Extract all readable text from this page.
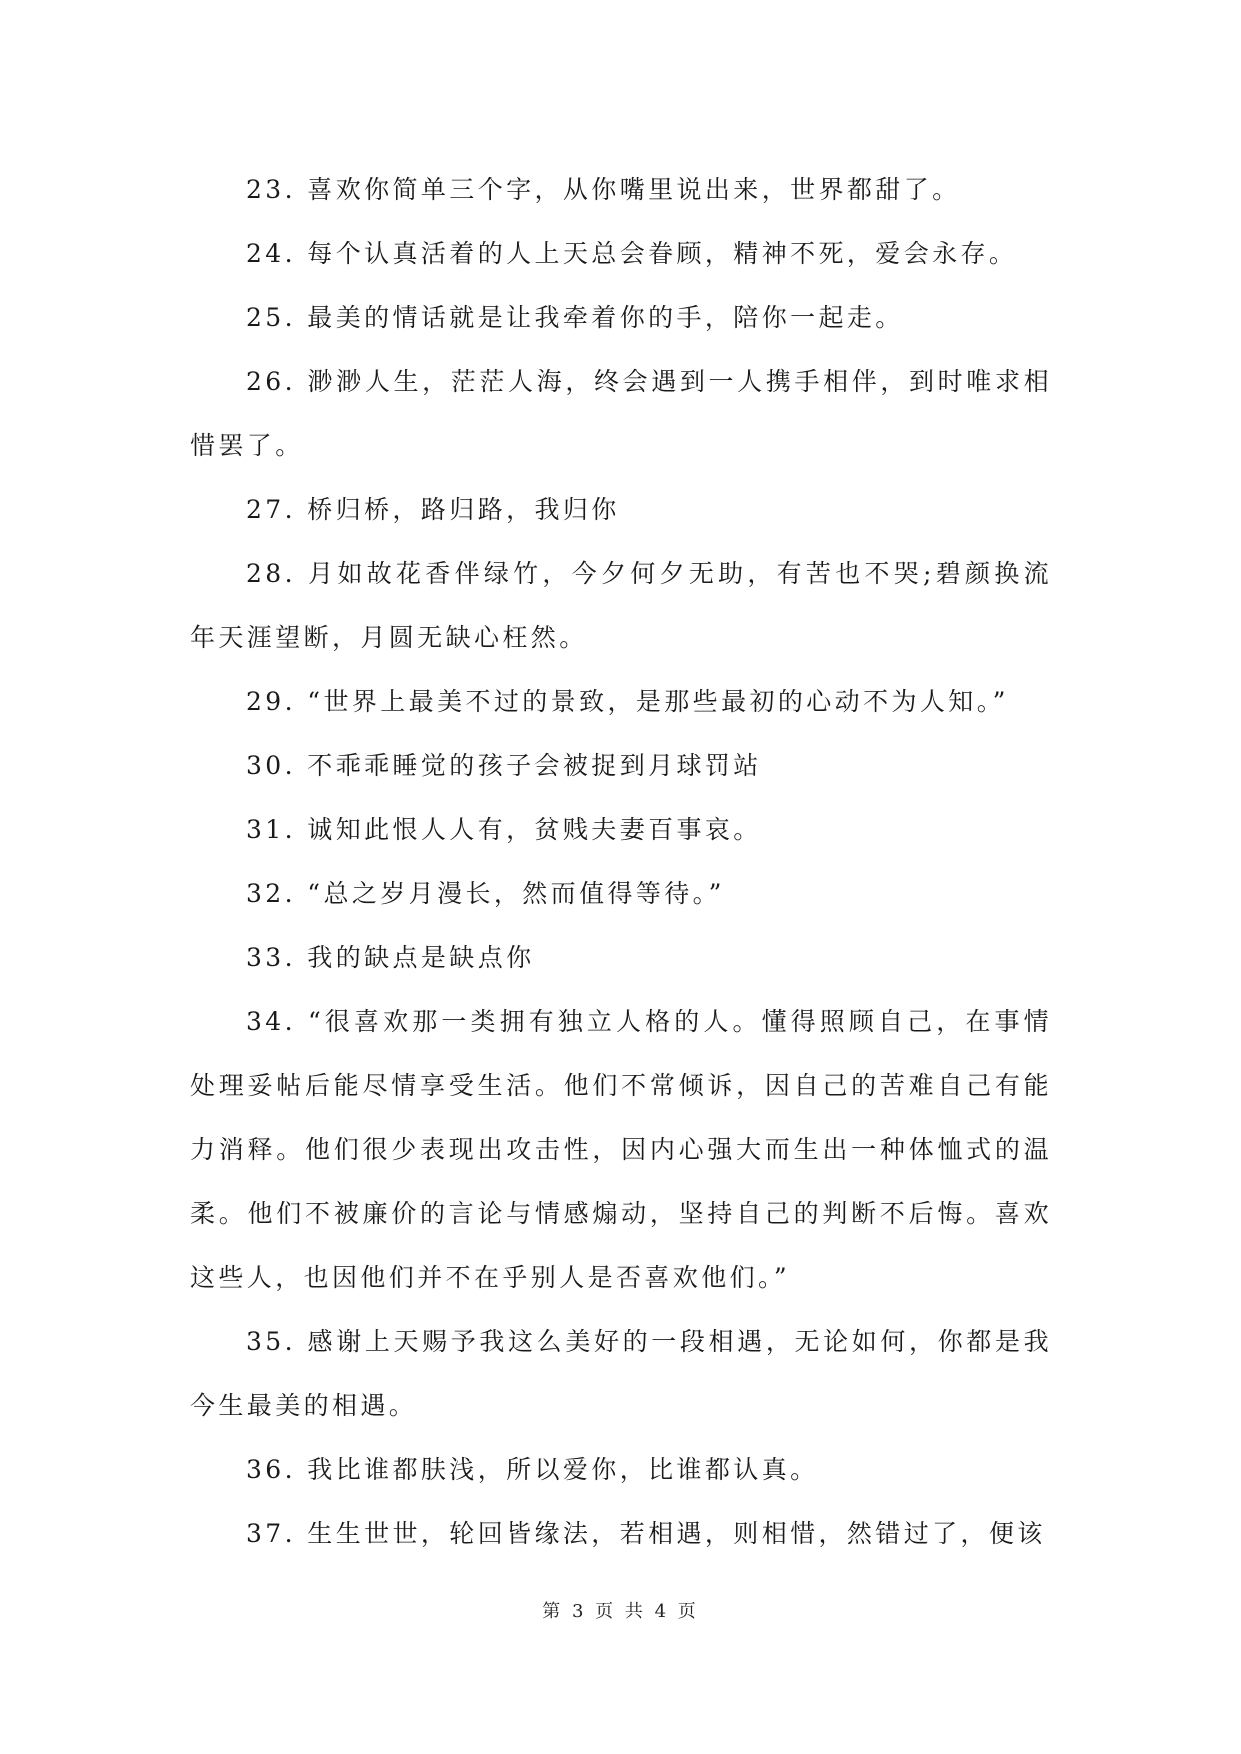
23. 喜欢你简单三个字，从你嘴里说出来，世界都甜了。

24. 每个认真活着的人上天总会眷顾，精神不死，爱会永存。

25. 最美的情话就是让我牵着你的手，陪你一起走。

26. 渺渺人生，茫茫人海，终会遇到一人携手相伴，到时唯求相惜罢了。

27. 桥归桥，路归路，我归你

28. 月如故花香伴绿竹，今夕何夕无助，有苦也不哭;碧颜换流年天涯望断，月圆无缺心枉然。

29. “世界上最美不过的景致，是那些最初的心动不为人知。”

30. 不乖乖睡觉的孩子会被捉到月球罚站

31. 诚知此恨人人有，贫贱夫妻百事哀。

32. “总之岁月漫长，然而值得等待。”

33. 我的缺点是缺点你

34. “很喜欢那一类拥有独立人格的人。懂得照顾自己，在事情处理妥帖后能尽情享受生活。他们不常倾诉，因自己的苦难自己有能力消释。他们很少表现出攻击性，因内心强大而生出一种体恤式的温柔。他们不被廉价的言论与情感煽动，坚持自己的判断不后悔。喜欢这些人，也因他们并不在乎别人是否喜欢他们。”

35. 感谢上天赐予我这么美好的一段相遇，无论如何，你都是我今生最美的相遇。

36. 我比谁都肤浅，所以爱你，比谁都认真。

37. 生生世世，轮回皆缘法，若相遇，则相惜，然错过了，便该

第 3 页 共 4 页
